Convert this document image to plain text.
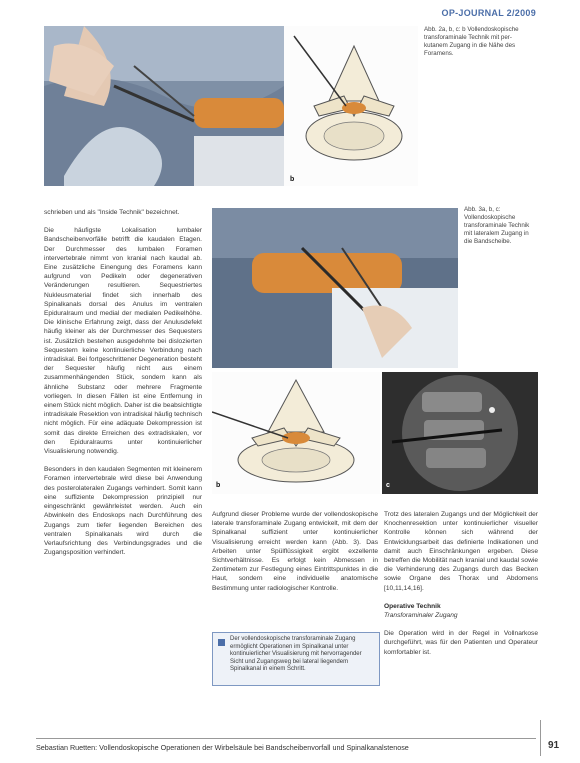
OP-JOURNAL 2/2009
b
Abb. 2a, b, c: b Vollendoskopische transforaminale Technik mit per-kutanem Zugang in die Nähe des Foramens.
Abb. 3a, b, c: Vollendoskopische transforaminale Technik mit lateralem Zugang in die Bandscheibe.
b	c

schrieben und als "Inside Technik" bezeichnet.

Die häufigste Lokalisation lumbaler Bandscheibenvorfälle betrifft die kaudalen Etagen. Der Durchmesser des lumbalen Foramen intervertebrale nimmt von kranial nach kaudal ab. Eine zusätzliche Einengung des Foramens kann aufgrund von Pedikeln oder degenerativen Veränderungen resultieren. Sequestriertes Nukleusmaterial findet sich innerhalb des Spinalkanals dorsal des Anulus im ventralen Epiduralraum und medial der medialen Pedikelhöhe. Die klinische Erfahrung zeigt, dass der Anulusdefekt häufig kleiner als der Durchmesser des Sequesters ist. Zusätzlich bestehen ausgedehnte bei dislozierten Sequestern keine kontinuierliche Verbindung nach intradiskal. Bei fortgeschrittener Degeneration besteht der Sequester häufig nicht aus einem zusammenhängenden Stück, sondern kann als ähnliche Substanz oder mehrere Fragmente vorliegen. In diesen Fällen ist eine Entfernung in einem Stück nicht möglich. Daher ist die beabsichtigte intradiskale Resektion von intradiskal häufig technisch nicht möglich. Für eine adäquate Dekompression ist somit das direkte Erreichen des extradiskalen, vor den Epiduralraums unter kontinuierlicher Visualisierung notwendig.

Besonders in den kaudalen Segmenten mit kleinerem Foramen intervertebrale wird diese bei Anwendung des posterolateralen Zugangs verhindert. Somit kann eine suffiziente Dekompression prinzipiell nur eingeschränkt gewährleistet werden. Auch ein Abwinkeln des Endoskops nach Durchführung des Zugangs zum tiefer liegenden Bereichen des ventralen Spinalkanals wird durch die Verlaufsrichtung des Verbindungsgrades und die Zugangsposition verhindert.

Aufgrund dieser Probleme wurde der vollendoskopische laterale transforaminale Zugang entwickelt, mit dem der Spinalkanal suffizient unter kontinuierlicher Visualisierung erreicht werden kann (Abb. 3). Das Arbeiten unter Spülflüssigkeit ergibt exzellente Sichtverhältnisse. Es erfolgt kein Abmessen in Zentimetern zur Festlegung eines Eintrittspunktes in die Haut, sondern eine individuelle anatomische Bestimmung unter radiologischer Kontrolle.

Der vollendoskopische transforaminale Zugang ermöglicht Operationen im Spinalkanal unter kontinuierlicher Visualisierung mit hervorragender Sicht und Zugangsweg bei lateral liegendem Spinalkanal in einem Schritt.

Trotz des lateralen Zugangs und der Möglichkeit der Knochenresektion unter kontinuierlicher visueller Kontrolle können sich während der Entwicklungsarbeit das definierte Indikationen und damit auch Einschränkungen ergeben. Diese betreffen die Mobilität nach kranial und kaudal sowie die Verhinderung des Zugangs durch das Becken sowie Organe des Thorax und Abdomens [10,11,14,16].

Operative Technik

Transforaminaler Zugang

Die Operation wird in der Regel in Vollnarkose durchgeführt, was für den Patienten und Operateur komfortabler ist.

Sebastian Ruetten: Vollendoskopische Operationen der Wirbelsäule bei Bandscheibenvorfall und Spinalkanalstenose	91
